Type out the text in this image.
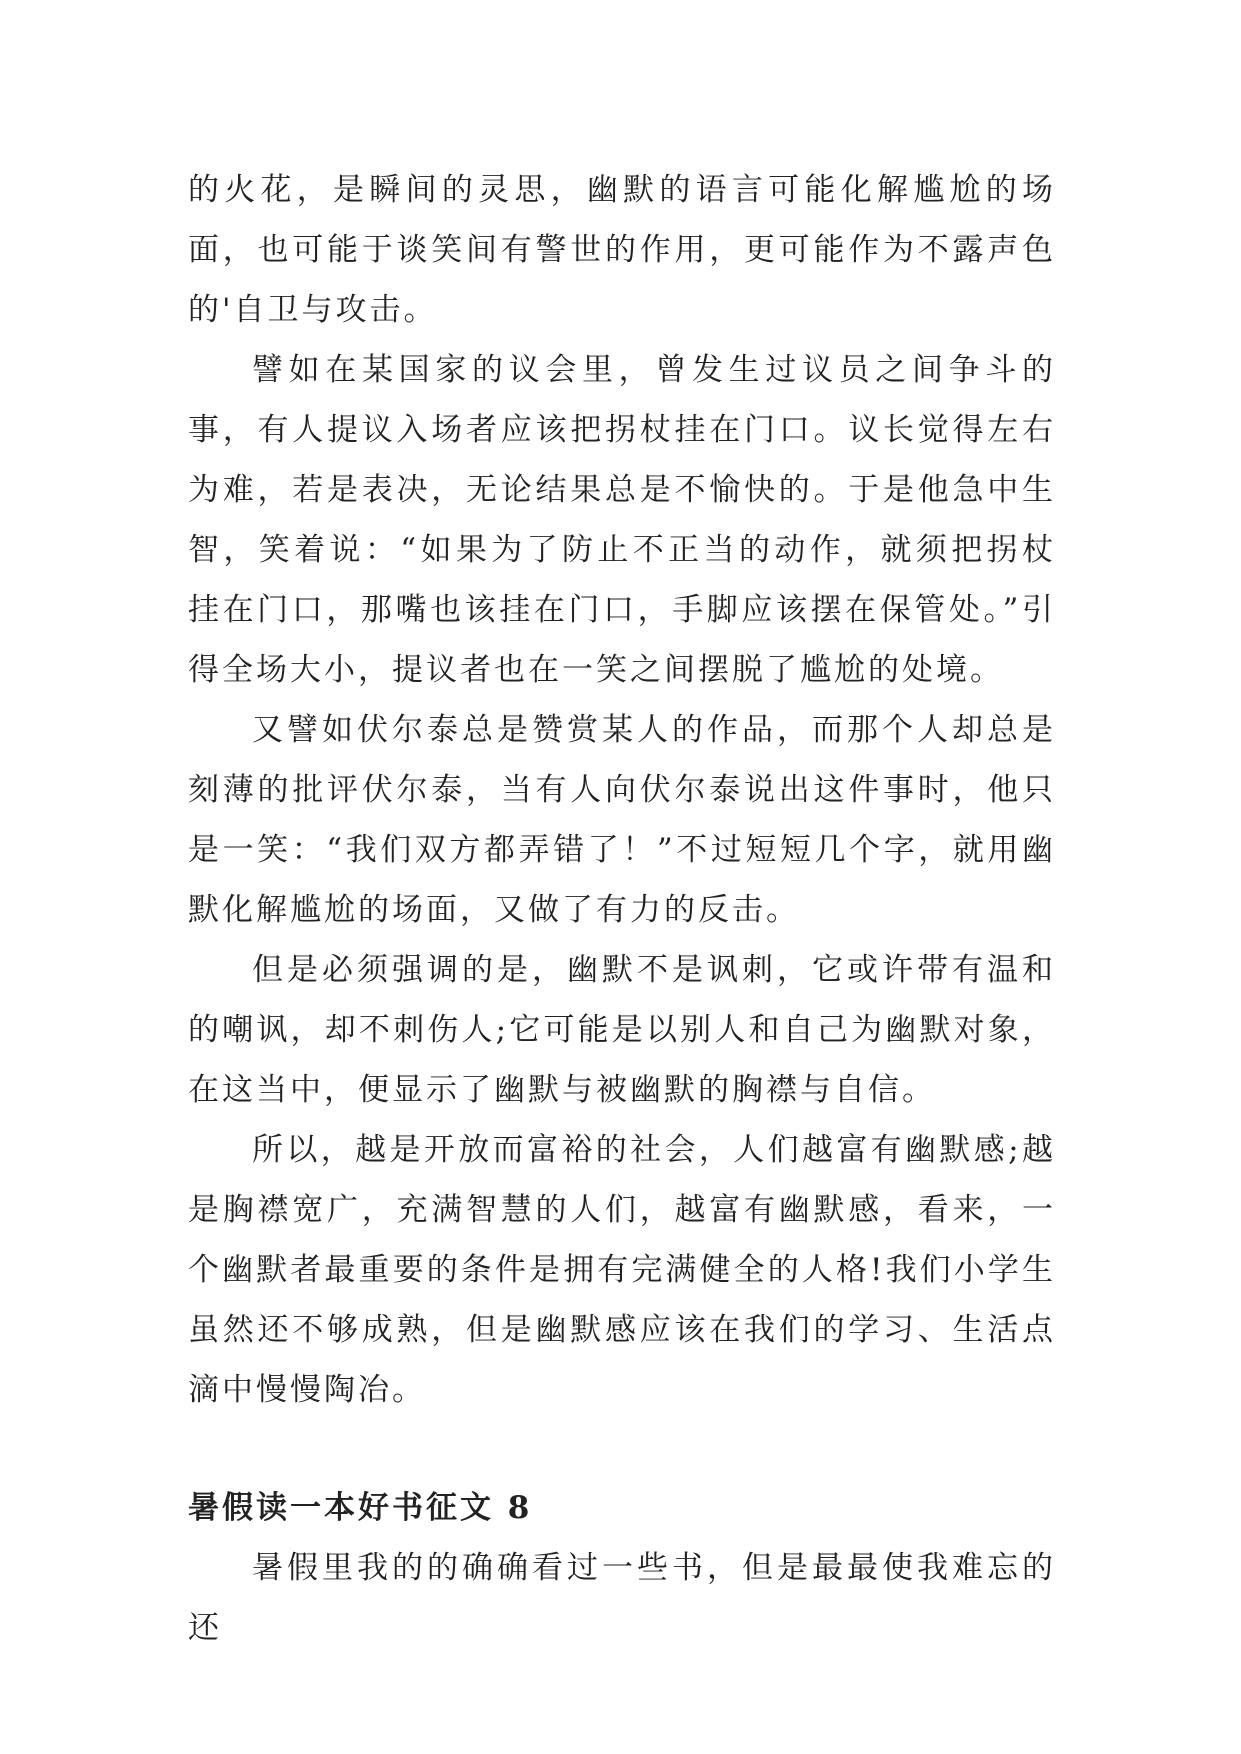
的火花，是瞬间的灵思，幽默的语言可能化解尴尬的场面，也可能于谈笑间有警世的作用，更可能作为不露声色的'自卫与攻击。

譬如在某国家的议会里，曾发生过议员之间争斗的事，有人提议入场者应该把拐杖挂在门口。议长觉得左右为难，若是表决，无论结果总是不愉快的。于是他急中生智，笑着说：“如果为了防止不正当的动作，就须把拐杖挂在门口，那嘴也该挂在门口，手脚应该摆在保管处。”引得全场大小，提议者也在一笑之间摆脱了尴尬的处境。

又譬如伏尔泰总是赞赏某人的作品，而那个人却总是刻薄的批评伏尔泰，当有人向伏尔泰说出这件事时，他只是一笑：“我们双方都弄错了！”不过短短几个字，就用幽默化解尴尬的场面，又做了有力的反击。

但是必须强调的是，幽默不是讽刺，它或许带有温和的嘲讽，却不刺伤人;它可能是以别人和自己为幽默对象，在这当中，便显示了幽默与被幽默的胸襟与自信。

所以，越是开放而富裕的社会，人们越富有幽默感;越是胸襟宽广，充满智慧的人们，越富有幽默感，看来，一个幽默者最重要的条件是拥有完满健全的人格!我们小学生虽然还不够成熟，但是幽默感应该在我们的学习、生活点滴中慢慢陶冶。

暑假读一本好书征文 8

暑假里我的的确确看过一些书，但是最最使我难忘的还
